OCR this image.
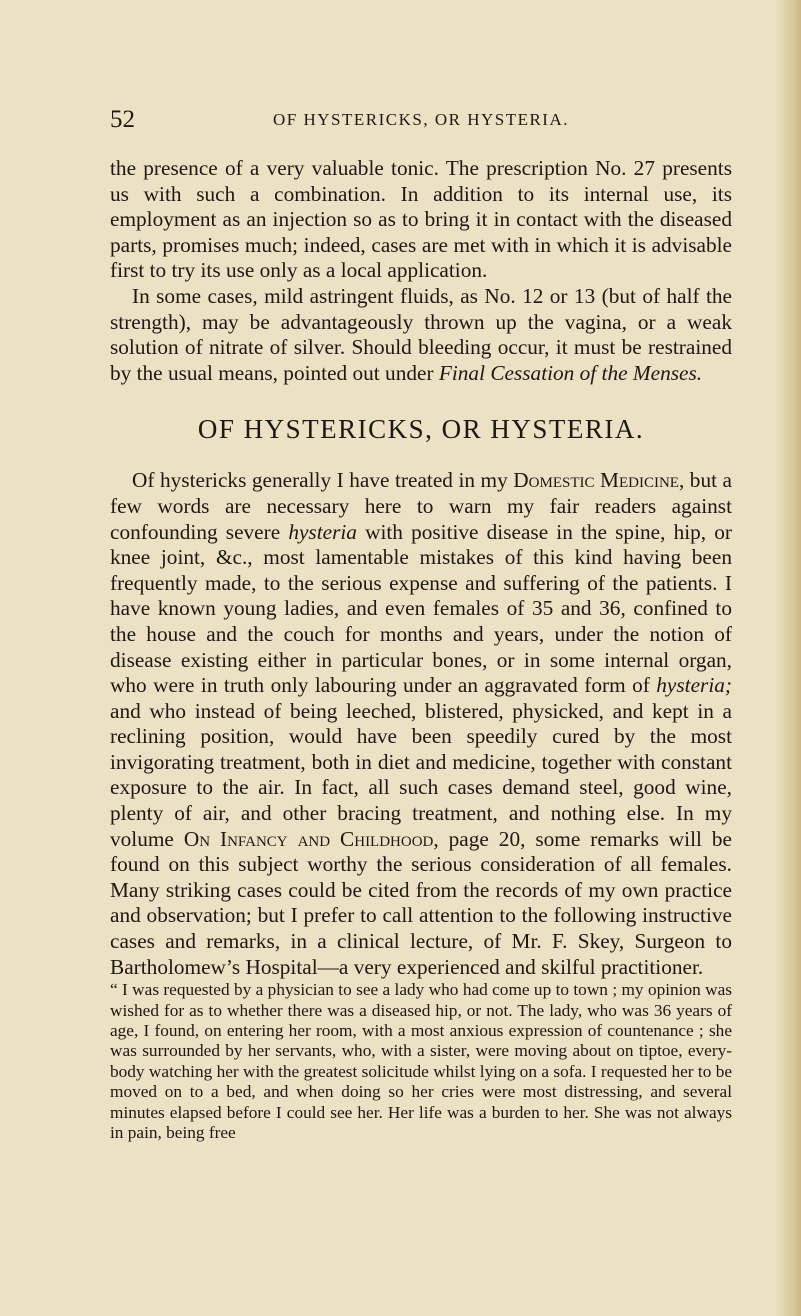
52	OF HYSTERICKS, OR HYSTERIA.

the presence of a very valuable tonic. The prescription No. 27 presents us with such a combination. In addition to its internal use, its employment as an injection so as to bring it in contact with the diseased parts, promises much; indeed, cases are met with in which it is advisable first to try its use only as a local application.

In some cases, mild astringent fluids, as No. 12 or 13 (but of half the strength), may be advantageously thrown up the vagina, or a weak solution of nitrate of silver. Should bleeding occur, it must be restrained by the usual means, pointed out under Final Cessation of the Menses.

OF HYSTERICKS, OR HYSTERIA.

Of hystericks generally I have treated in my Domestic Medicine, but a few words are necessary here to warn my fair readers against confounding severe hysteria with positive disease in the spine, hip, or knee joint, &c., most lamentable mistakes of this kind having been frequently made, to the serious expense and suffering of the patients. I have known young ladies, and even females of 35 and 36, confined to the house and the couch for months and years, under the notion of disease existing either in particular bones, or in some internal organ, who were in truth only labouring under an aggravated form of hysteria; and who instead of being leeched, blistered, physicked, and kept in a reclining position, would have been speedily cured by the most invigorating treatment, both in diet and medicine, together with constant exposure to the air. In fact, all such cases demand steel, good wine, plenty of air, and other bracing treatment, and nothing else. In my volume On Infancy and Childhood, page 20, some remarks will be found on this subject worthy the serious consideration of all females. Many striking cases could be cited from the records of my own practice and observation; but I prefer to call attention to the following instructive cases and remarks, in a clinical lecture, of Mr. F. Skey, Surgeon to Bartholomew’s Hospital—a very experienced and skilful practitioner.

“ I was requested by a physician to see a lady who had come up to town ; my opinion was wished for as to whether there was a diseased hip, or not. The lady, who was 36 years of age, I found, on entering her room, with a most anxious expression of countenance ; she was surrounded by her servants, who, with a sister, were moving about on tiptoe, every-body watching her with the greatest solicitude whilst lying on a sofa. I requested her to be moved on to a bed, and when doing so her cries were most distressing, and several minutes elapsed before I could see her. Her life was a burden to her. She was not always in pain, being free
